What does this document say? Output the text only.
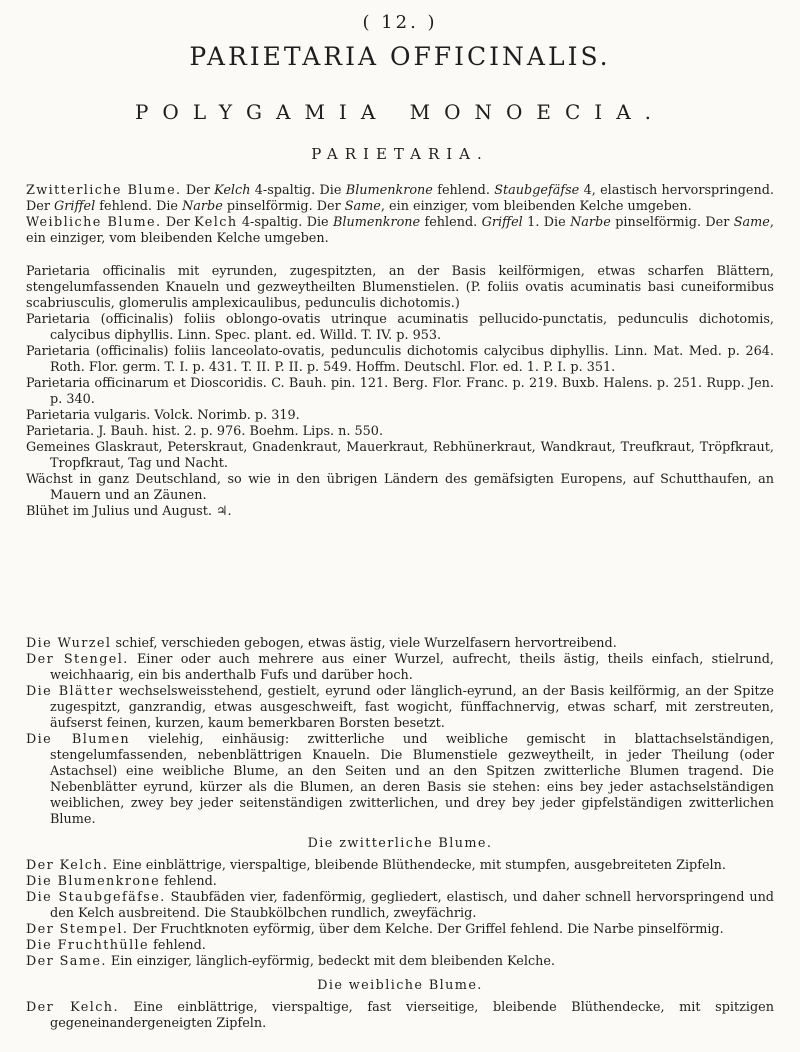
( 12. )
PARIETARIA OFFICINALIS.
POLYGAMIA MONOECIA.
PARIETARIA.

Zwitterliche Blume. Der Kelch 4-spaltig. Die Blumenkrone fehlend. Staubgefäfse 4, elastisch hervorspringend. Der Griffel fehlend. Die Narbe pinselförmig. Der Same, ein einziger, vom bleibenden Kelche umgeben.

Weibliche Blume. Der Kelch 4-spaltig. Die Blumenkrone fehlend. Griffel 1. Die Narbe pinselförmig. Der Same, ein einziger, vom bleibenden Kelche umgeben.

Parietaria officinalis mit eyrunden, zugespitzten, an der Basis keilförmigen, etwas scharfen Blättern, stengelumfassenden Knaueln und gezweytheilten Blumenstielen. (P. foliis ovatis acuminatis basi cuneiformibus scabriusculis, glomerulis amplexicaulibus, pedunculis dichotomis.)

Parietaria (officinalis) foliis oblongo-ovatis utrinque acuminatis pellucido-punctatis, pedunculis dichotomis, calycibus diphyllis. Linn. Spec. plant. ed. Willd. T. IV. p. 953.

Parietaria (officinalis) foliis lanceolato-ovatis, pedunculis dichotomis calycibus diphyllis. Linn. Mat. Med. p. 264. Roth. Flor. germ. T. I. p. 431. T. II. P. II. p. 549. Hoffm. Deutschl. Flor. ed. 1. P. I. p. 351.

Parietaria officinarum et Dioscoridis. C. Bauh. pin. 121. Berg. Flor. Franc. p. 219. Buxb. Halens. p. 251. Rupp. Jen. p. 340.

Parietaria vulgaris. Volck. Norimb. p. 319.

Parietaria. J. Bauh. hist. 2. p. 976. Boehm. Lips. n. 550.

Gemeines Glaskraut, Peterskraut, Gnadenkraut, Mauerkraut, Rebhünerkraut, Wandkraut, Treufkraut, Tröpfkraut, Tropfkraut, Tag und Nacht.

Wächst in ganz Deutschland, so wie in den übrigen Ländern des gemäfsigten Europens, auf Schutthaufen, an Mauern und an Zäunen.

Blühet im Julius und August. ♃.

Die Wurzel schief, verschieden gebogen, etwas ästig, viele Wurzelfasern hervortreibend.

Der Stengel. Einer oder auch mehrere aus einer Wurzel, aufrecht, theils ästig, theils einfach, stielrund, weichhaarig, ein bis anderthalb Fufs und darüber hoch.

Die Blätter wechselsweisstehend, gestielt, eyrund oder länglich-eyrund, an der Basis keilförmig, an der Spitze zugespitzt, ganzrandig, etwas ausgeschweift, fast wogicht, fünffachnervig, etwas scharf, mit zerstreuten, äufserst feinen, kurzen, kaum bemerkbaren Borsten besetzt.

Die Blumen vielehig, einhäusig: zwitterliche und weibliche gemischt in blattachselständigen, stengelumfassenden, nebenblättrigen Knaueln. Die Blumenstiele gezweytheilt, in jeder Theilung (oder Astachsel) eine weibliche Blume, an den Seiten und an den Spitzen zwitterliche Blumen tragend. Die Nebenblätter eyrund, kürzer als die Blumen, an deren Basis sie stehen: eins bey jeder astachselständigen weiblichen, zwey bey jeder seitenständigen zwitterlichen, und drey bey jeder gipfelständigen zwitterlichen Blume.

Die zwitterliche Blume.

Der Kelch. Eine einblättrige, vierspaltige, bleibende Blüthendecke, mit stumpfen, ausgebreiteten Zipfeln.

Die Blumenkrone fehlend.

Die Staubgefäfse. Staubfäden vier, fadenförmig, gegliedert, elastisch, und daher schnell hervorspringend und den Kelch ausbreitend. Die Staubkölbchen rundlich, zweyfächrig.

Der Stempel. Der Fruchtknoten eyförmig, über dem Kelche. Der Griffel fehlend. Die Narbe pinselförmig.

Die Fruchthülle fehlend.

Der Same. Ein einziger, länglich-eyförmig, bedeckt mit dem bleibenden Kelche.

Die weibliche Blume.

Der Kelch. Eine einblättrige, vierspaltige, fast vierseitige, bleibende Blüthendecke, mit spitzigen gegeneinandergeneigten Zipfeln.
